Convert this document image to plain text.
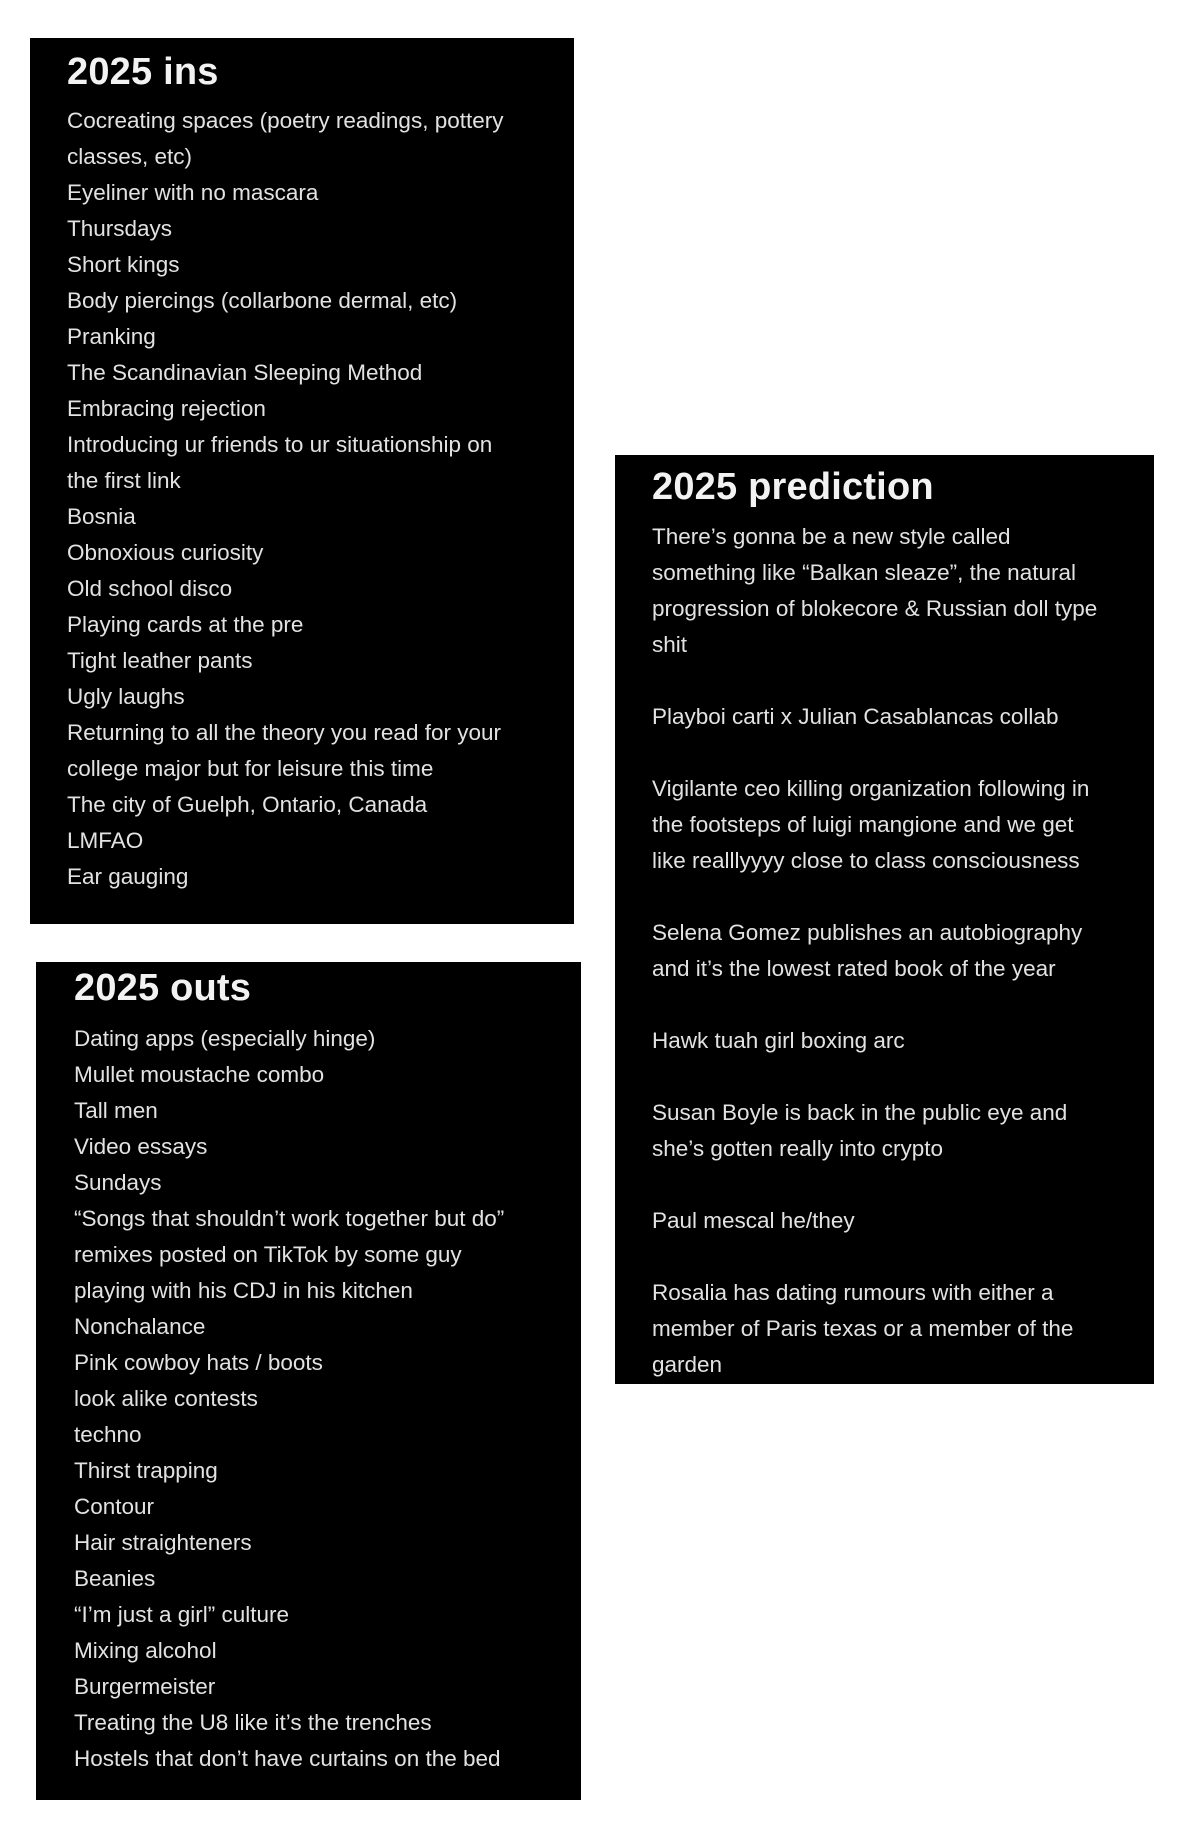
2025 ins
Cocreating spaces (poetry readings, pottery
classes, etc)
Eyeliner with no mascara
Thursdays
Short kings
Body piercings (collarbone dermal, etc)
Pranking
The Scandinavian Sleeping Method
Embracing rejection
Introducing ur friends to ur situationship on
the first link
Bosnia
Obnoxious curiosity
Old school disco
Playing cards at the pre
Tight leather pants
Ugly laughs
Returning to all the theory you read for your
college major but for leisure this time
The city of Guelph, Ontario, Canada
LMFAO
Ear gauging
2025 outs
Dating apps (especially hinge)
Mullet moustache combo
Tall men
Video essays
Sundays
“Songs that shouldn’t work together but do”
remixes posted on TikTok by some guy
playing with his CDJ in his kitchen
Nonchalance
Pink cowboy hats / boots
look alike contests
techno
Thirst trapping
Contour
Hair straighteners
Beanies
“I’m just a girl” culture
Mixing alcohol
Burgermeister
Treating the U8 like it’s the trenches
Hostels that don’t have curtains on the bed
2025 prediction
There’s gonna be a new style called
something like “Balkan sleaze”, the natural
progression of blokecore & Russian doll type
shit
Playboi carti x Julian Casablancas collab
Vigilante ceo killing organization following in
the footsteps of luigi mangione and we get
like realllyyyy close to class consciousness
Selena Gomez publishes an autobiography
and it’s the lowest rated book of the year
Hawk tuah girl boxing arc
Susan Boyle is back in the public eye and
she’s gotten really into crypto
Paul mescal he/they
Rosalia has dating rumours with either a
member of Paris texas or a member of the
garden
